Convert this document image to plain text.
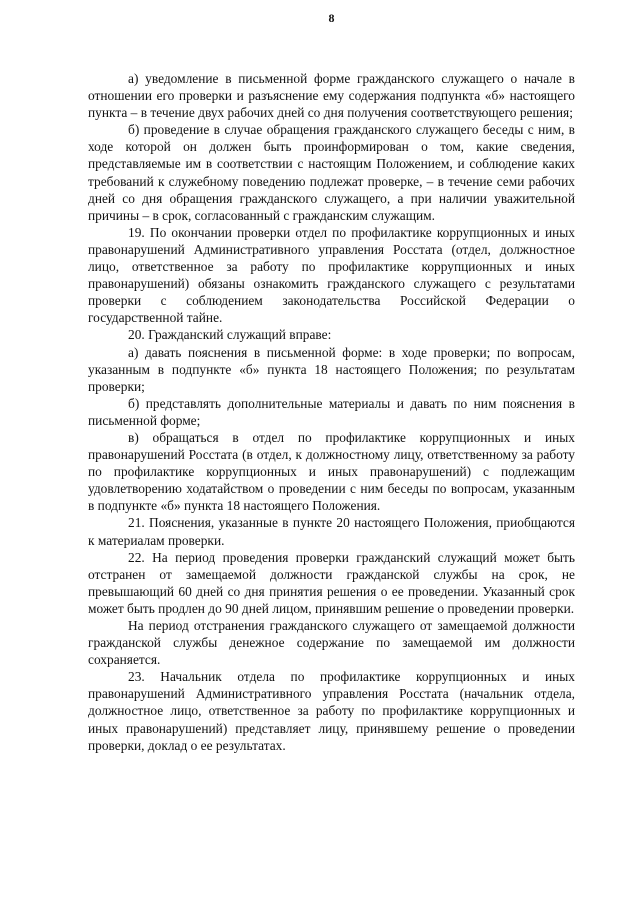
8

а) уведомление в письменной форме гражданского служащего о начале в отношении его проверки и разъяснение ему содержания подпункта «б» настоящего пункта – в течение двух рабочих дней со дня получения соответствующего решения;

б) проведение в случае обращения гражданского служащего беседы с ним, в ходе которой он должен быть проинформирован о том, какие сведения, представляемые им в соответствии с настоящим Положением, и соблюдение каких требований к служебному поведению подлежат проверке, – в течение семи рабочих дней со дня обращения гражданского служащего, а при наличии уважительной причины – в срок, согласованный с гражданским служащим.

19. По окончании проверки отдел по профилактике коррупционных и иных правонарушений Административного управления Росстата (отдел, должностное лицо, ответственное за работу по профилактике коррупционных и иных правонарушений) обязаны ознакомить гражданского служащего с результатами проверки с соблюдением законодательства Российской Федерации о государственной тайне.

20. Гражданский служащий вправе:

а) давать пояснения в письменной форме: в ходе проверки; по вопросам, указанным в подпункте «б» пункта 18 настоящего Положения; по результатам проверки;

б) представлять дополнительные материалы и давать по ним пояснения в письменной форме;

в) обращаться в отдел по профилактике коррупционных и иных правонарушений Росстата (в отдел, к должностному лицу, ответственному за работу по профилактике коррупционных и иных правонарушений) с подлежащим удовлетворению ходатайством о проведении с ним беседы по вопросам, указанным в подпункте «б» пункта 18 настоящего Положения.

21. Пояснения, указанные в пункте 20 настоящего Положения, приобщаются к материалам проверки.

22. На период проведения проверки гражданский служащий может быть отстранен от замещаемой должности гражданской службы на срок, не превышающий 60 дней со дня принятия решения о ее проведении. Указанный срок может быть продлен до 90 дней лицом, принявшим решение о проведении проверки.

На период отстранения гражданского служащего от замещаемой должности гражданской службы денежное содержание по замещаемой им должности сохраняется.

23. Начальник отдела по профилактике коррупционных и иных правонарушений Административного управления Росстата (начальник отдела, должностное лицо, ответственное за работу по профилактике коррупционных и иных правонарушений) представляет лицу, принявшему решение о проведении проверки, доклад о ее результатах.
